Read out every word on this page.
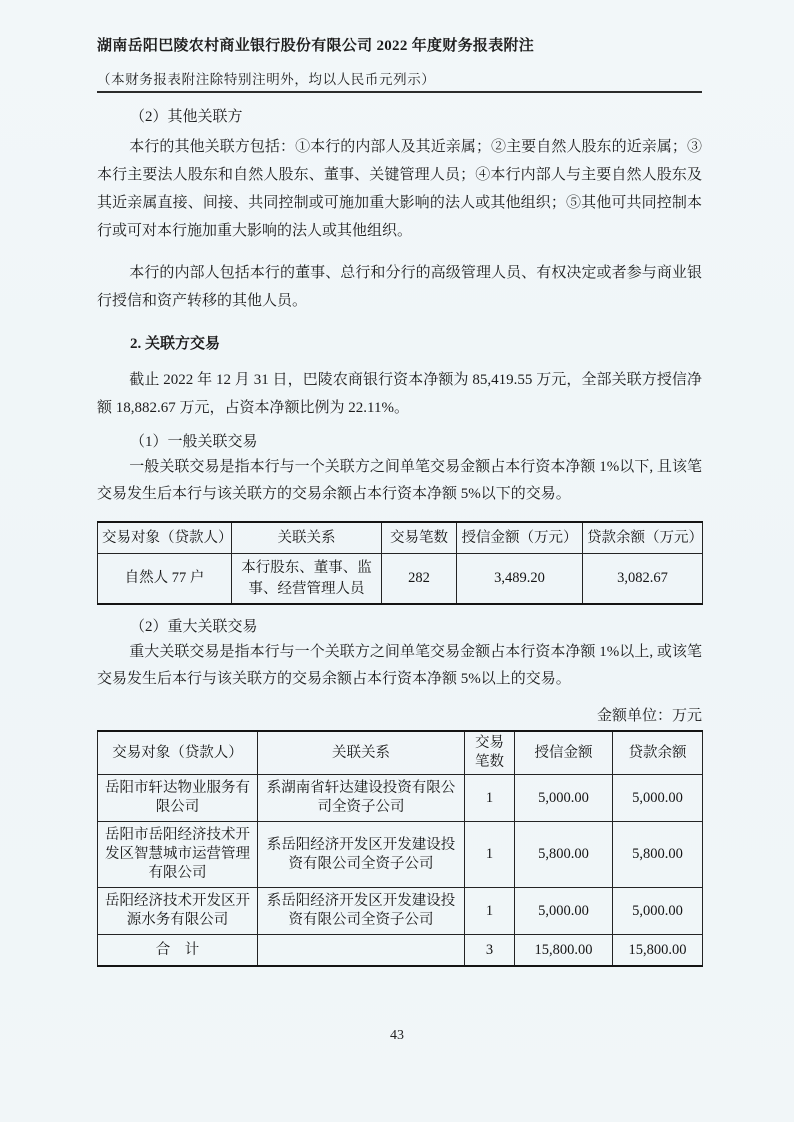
湖南岳阳巴陵农村商业银行股份有限公司 2022 年度财务报表附注
（本财务报表附注除特别注明外，均以人民币元列示）
（2）其他关联方

本行的其他关联方包括：①本行的内部人及其近亲属；②主要自然人股东的近亲属；③本行主要法人股东和自然人股东、董事、关键管理人员；④本行内部人与主要自然人股东及其近亲属直接、间接、共同控制或可施加重大影响的法人或其他组织；⑤其他可共同控制本行或可对本行施加重大影响的法人或其他组织。

本行的内部人包括本行的董事、总行和分行的高级管理人员、有权决定或者参与商业银行授信和资产转移的其他人员。

2. 关联方交易

截止 2022 年 12 月 31 日，巴陵农商银行资本净额为 85,419.55 万元，全部关联方授信净额 18,882.67 万元，占资本净额比例为 22.11%。

（1）一般关联交易

一般关联交易是指本行与一个关联方之间单笔交易金额占本行资本净额 1%以下, 且该笔交易发生后本行与该关联方的交易余额占本行资本净额 5%以下的交易。

交易对象（贷款人）	关联关系	交易笔数	授信金额（万元）	贷款余额（万元）
自然人 77 户	本行股东、董事、监事、经营管理人员	282	3,489.20	3,082.67
（2）重大关联交易

重大关联交易是指本行与一个关联方之间单笔交易金额占本行资本净额 1%以上, 或该笔交易发生后本行与该关联方的交易余额占本行资本净额 5%以上的交易。

金额单位：万元
交易对象（贷款人）	关联关系	交易笔数	授信金额	贷款余额
岳阳市轩达物业服务有限公司	系湖南省轩达建设投资有限公司全资子公司	1	5,000.00	5,000.00
岳阳市岳阳经济技术开发区智慧城市运营管理有限公司	系岳阳经济开发区开发建设投资有限公司全资子公司	1	5,800.00	5,800.00
岳阳经济技术开发区开源水务有限公司	系岳阳经济开发区开发建设投资有限公司全资子公司	1	5,000.00	5,000.00
合　计		3	15,800.00	15,800.00
43
